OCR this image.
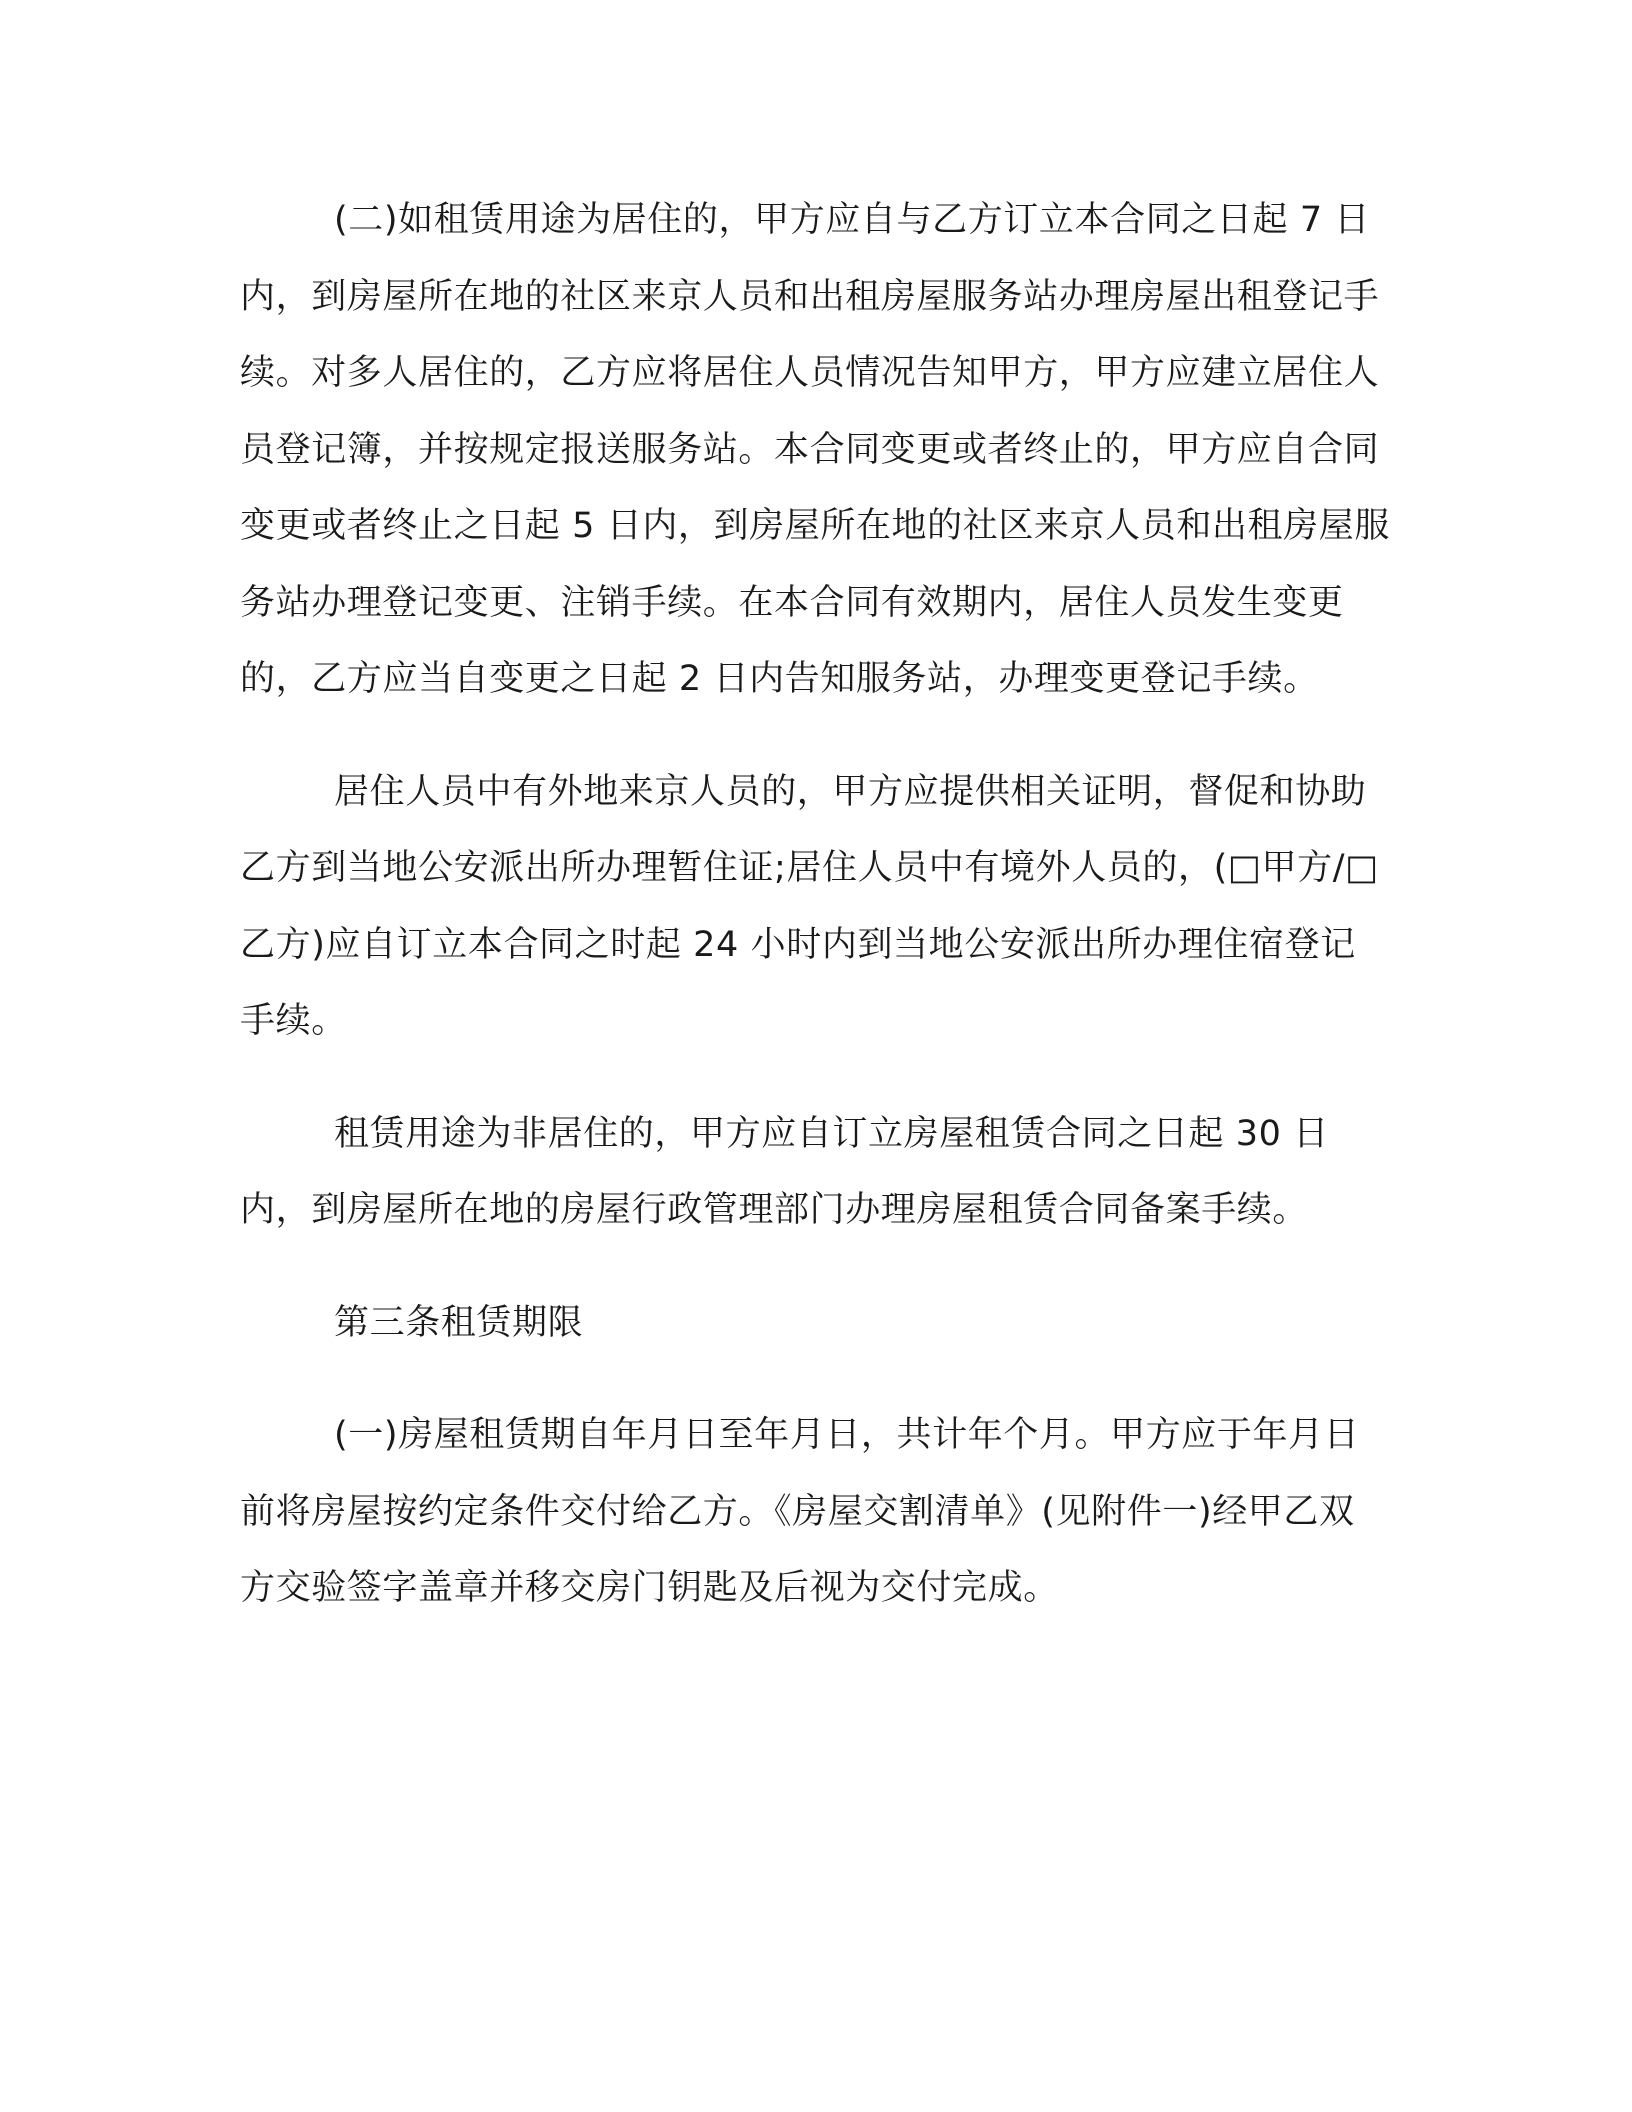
(二)如租赁用途为居住的，甲方应自与乙方订立本合同之日起 7 日内，到房屋所在地的社区来京人员和出租房屋服务站办理房屋出租登记手续。对多人居住的，乙方应将居住人员情况告知甲方，甲方应建立居住人员登记簿，并按规定报送服务站。本合同变更或者终止的，甲方应自合同变更或者终止之日起 5 日内，到房屋所在地的社区来京人员和出租房屋服务站办理登记变更、注销手续。在本合同有效期内，居住人员发生变更的，乙方应当自变更之日起 2 日内告知服务站，办理变更登记手续。

居住人员中有外地来京人员的，甲方应提供相关证明，督促和协助乙方到当地公安派出所办理暂住证;居住人员中有境外人员的，(□甲方/□乙方)应自订立本合同之时起 24 小时内到当地公安派出所办理住宿登记手续。

租赁用途为非居住的，甲方应自订立房屋租赁合同之日起 30 日内，到房屋所在地的房屋行政管理部门办理房屋租赁合同备案手续。

第三条租赁期限

(一)房屋租赁期自年月日至年月日，共计年个月。甲方应于年月日前将房屋按约定条件交付给乙方。《房屋交割清单》(见附件一)经甲乙双方交验签字盖章并移交房门钥匙及后视为交付完成。
